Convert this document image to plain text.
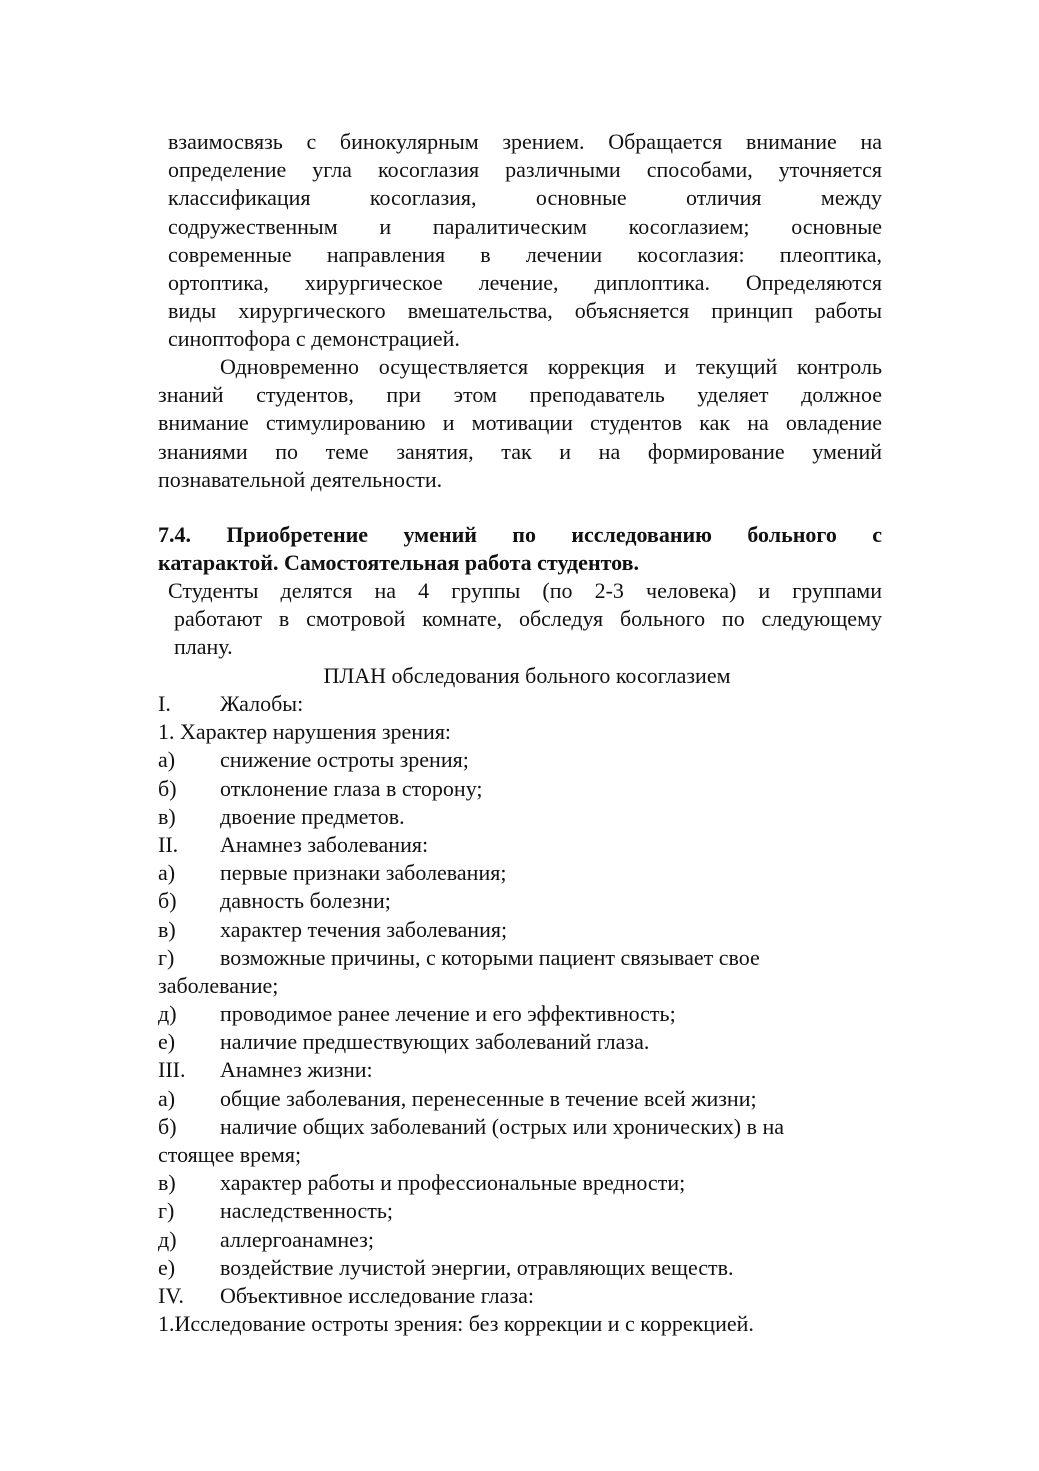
взаимосвязь с бинокулярным зрением. Обращается внимание на
определение угла косоглазия различными способами, уточняется
классификация косоглазия, основные отличия между
содружественным и паралитическим косоглазием; основные
современные направления в лечении косоглазия: плеоптика,
ортоптика, хирургическое лечение, диплоптика. Определяются
виды хирургического вмешательства, объясняется принцип работы
синоптофора с демонстрацией.
Одновременно осуществляется коррекция и текущий контроль
знаний студентов, при этом преподаватель уделяет должное
внимание стимулированию и мотивации студентов как на овладение
знаниями по теме занятия, так и на формирование умений
познавательной деятельности.
7.4. Приобретение умений по исследованию больного с
катарактой. Самостоятельная работа студентов.
Студенты делятся на 4 группы (по 2-3 человека) и группами
работают в смотровой комнате, обследуя больного по следующему
плану.
ПЛАН обследования больного косоглазием
I.	Жалобы:
1. Характер нарушения зрения:
а)	снижение остроты зрения;
б)	отклонение глаза в сторону;
в)	двоение предметов.
II.	Анамнез заболевания:
а)	первые признаки заболевания;
б)	давность болезни;
в)	характер течения заболевания;
г)	возможные причины, с которыми пациент связывает свое
заболевание;
д)	проводимое ранее лечение и его эффективность;
е)	наличие предшествующих заболеваний глаза.
III.	Анамнез жизни:
а)	общие заболевания, перенесенные в течение всей жизни;
б)	наличие общих заболеваний (острых или хронических) в на
стоящее время;
в)	характер работы и профессиональные вредности;
г)	наследственность;
д)	аллергоанамнез;
е)	воздействие лучистой энергии, отравляющих веществ.
IV.	Объективное исследование глаза:
1.Исследование остроты зрения: без коррекции и с коррекцией.
